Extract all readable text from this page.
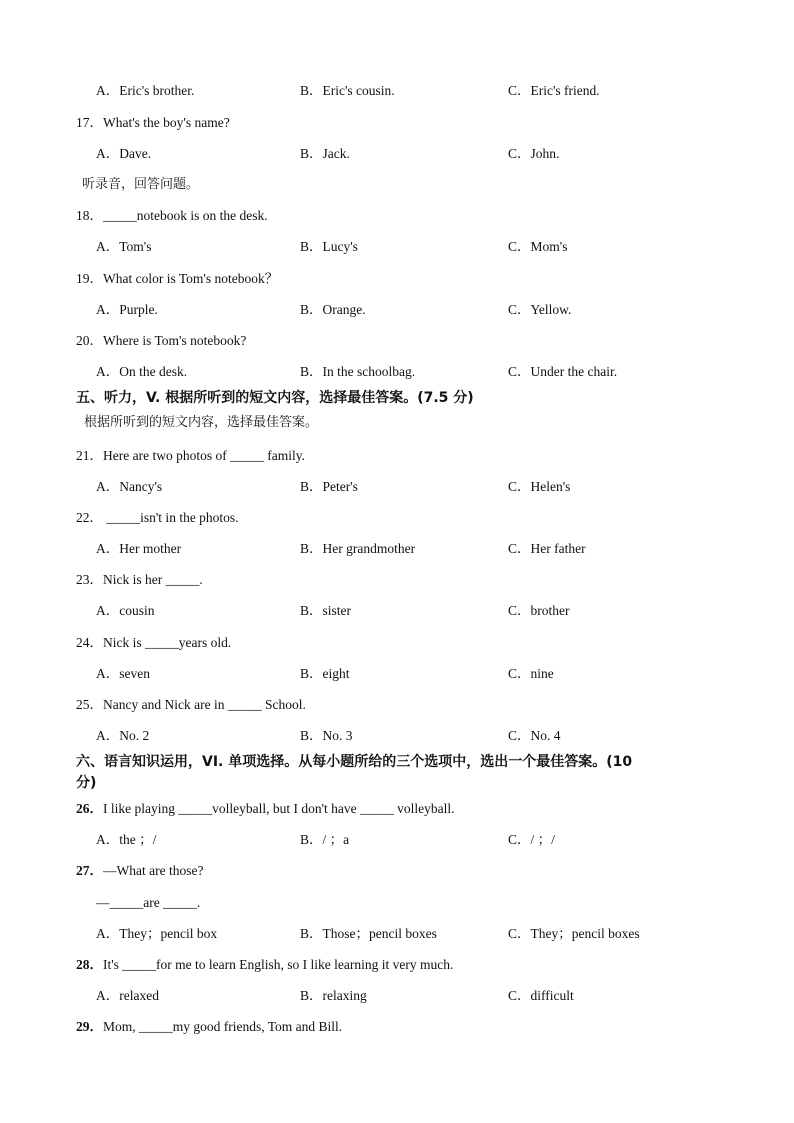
A．Eric's brother.	B．Eric's cousin.	C．Eric's friend.
17．What's the boy's name?
A．Dave.	B．Jack.	C．John.
听录音，回答问题。
18．_____notebook is on the desk.
A．Tom's	B．Lucy's	C．Mom's
19．What color is Tom's notebook？
A．Purple.	B．Orange.	C．Yellow.
20．Where is Tom's notebook?
A．On the desk.	B．In the schoolbag.	C．Under the chair.
五、听力，V. 根据所听到的短文内容，选择最佳答案。(7.5 分)
根据所听到的短文内容，选择最佳答案。
21．Here are two photos of _____ family.
A．Nancy's	B．Peter's	C．Helen's
22． _____isn't in the photos.
A．Her mother	B．Her grandmother	C．Her father
23．Nick is her _____.
A．cousin	B．sister	C．brother
24．Nick is _____years old.
A．seven	B．eight	C．nine
25．Nancy and Nick are in _____ School.
A．No. 2	B．No. 3	C．No. 4
六、语言知识运用，VI. 单项选择。从每小题所给的三个选项中，选出一个最佳答案。(10
分)
26．I like playing _____volleyball, but I don't have _____ volleyball.
A．the ；/	B．/ ；a	C．/ ；/
27．—What are those?
—_____are _____.
A．They；pencil box	B．Those；pencil boxes	C．They；pencil boxes
28．It's _____for me to learn English, so I like learning it very much.
A．relaxed	B．relaxing	C．difficult
29．Mom, _____my good friends, Tom and Bill.
